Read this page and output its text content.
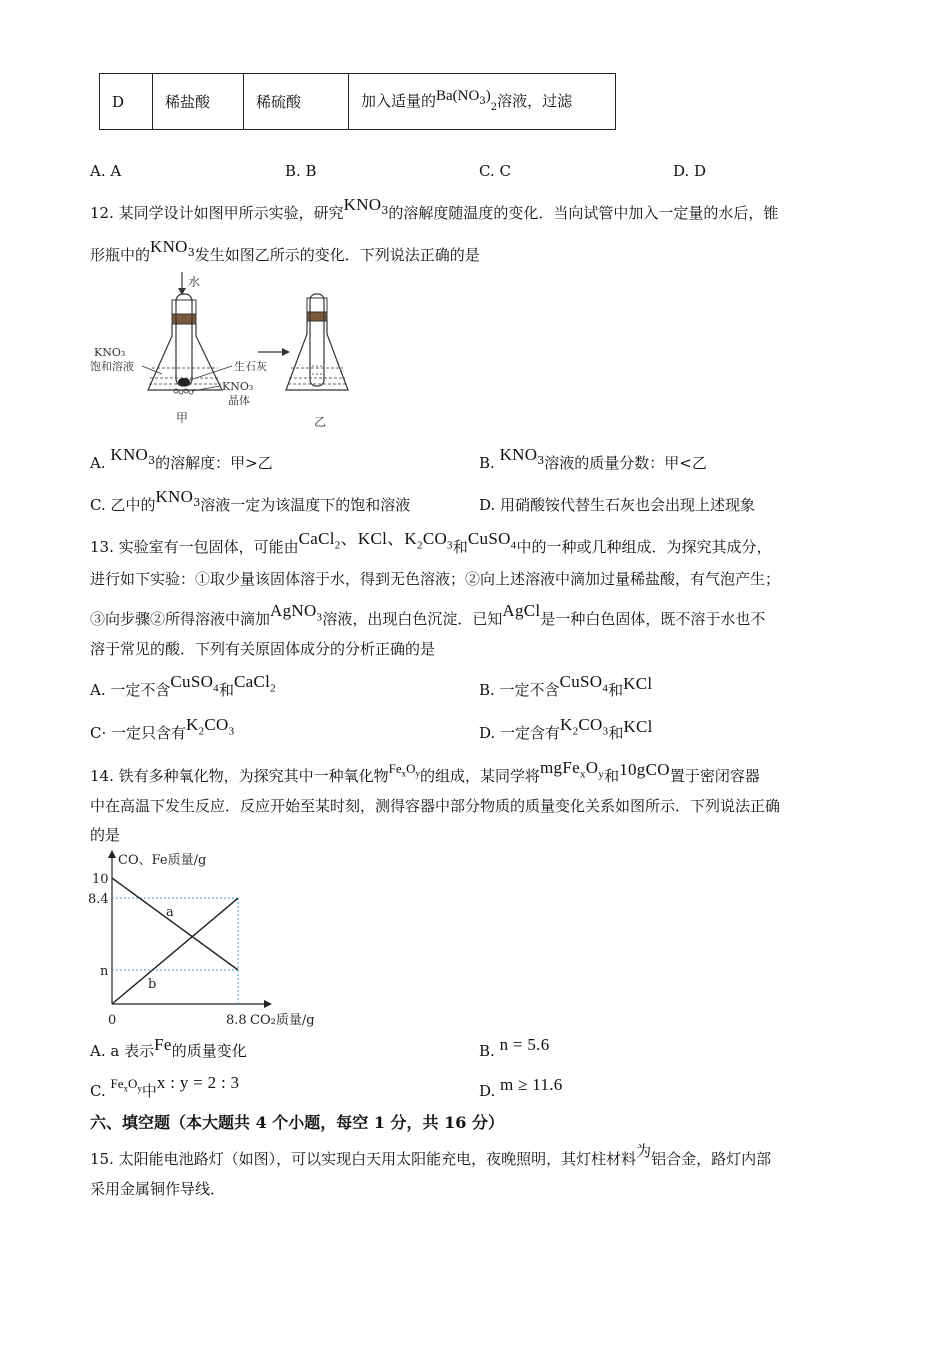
D	稀盐酸	稀硫酸	加入适量的$Ba(NO_3)_2$溶液，过滤
A. A	B. B	C. C	D. D
12. 某同学设计如图甲所示实验，研究$KNO_3$的溶解度随温度的变化．当向试管中加入一定量的水后，锥
形瓶中的$KNO_3$发生如图乙所示的变化．下列说法正确的是
水
KNO₃
饱和溶液	生石灰
KNO₃
晶体
甲	乙
A. $KNO_3$的溶解度：甲>乙	B. $KNO_3$溶液的质量分数：甲<乙
C. 乙中的$KNO_3$溶液一定为该温度下的饱和溶液	D. 用硝酸铵代替生石灰也会出现上述现象
13. 实验室有一包固体，可能由CaCl$_2$、KCl、$K_2CO_3$和CuSO$_4$中的一种或几种组成．为探究其成分，
进行如下实验：①取少量该固体溶于水，得到无色溶液；②向上述溶液中滴加过量稀盐酸，有气泡产生；
③向步骤②所得溶液中滴加AgNO$_3$溶液，出现白色沉淀．已知AgCl是一种白色固体，既不溶于水也不
溶于常见的酸．下列有关原固体成分的分析正确的是
A. 一定不含CuSO$_4$和CaCl$_2$	B. 一定不含CuSO$_4$和KCl
C· 一定只含有$K_2CO_3$	D. 一定含有$K_2CO_3$和KCl
14. 铁有多种氧化物，为探究其中一种氧化物$Fe_xO_y$的组成，某同学将$mgFe_xO_y$和10gCO置于密闭容器
中在高温下发生反应．反应开始至某时刻，测得容器中部分物质的质量变化关系如图所示．下列说法正确
的是
CO、Fe质量/g
CO₂质量/g
a
b
10
8.4
n
0	8.8
A. a 表示Fe的质量变化	B. n = 5.6
C. $Fe_xO_y$中x : y = 2 : 3	D. m ≥ 11.6
六、填空题（本大题共 4 个小题，每空 1 分，共 16 分）
15. 太阳能电池路灯（如图），可以实现白天用太阳能充电，夜晚照明，其灯柱材料为铝合金，路灯内部
采用金属铜作导线．
